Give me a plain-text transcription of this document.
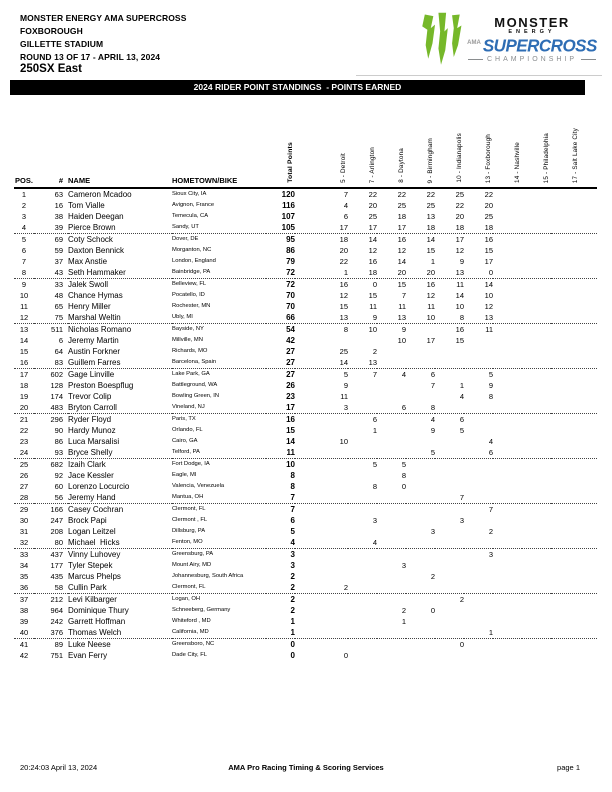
MONSTER ENERGY AMA SUPERCROSS
FOXBOROUGH
GILLETTE STADIUM
ROUND 13 OF 17 - APRIL 13, 2024
250SX East
MONSTER
ENERGY
AMA SUPERCROSS
CHAMPIONSHIP
2024 RIDER POINT STANDINGS  - POINTS EARNED
POS.	#	NAME	HOMETOWN/BIKE	Total Points	5 - Detroit	7 - Arlington	8 - Daytona	9 - Birmingham	10 - Indianapolis	13 - Foxborough	14 - Nashville	15 - Philadelphia	17 - Salt Lake City
1	63	Cameron Mcadoo	Sioux City, IA	120	7	22	22	22	25	22			
2	16	Tom Vialle	Avignon, France	116	4	20	25	25	22	20			
3	38	Haiden Deegan	Temecula, CA	107	6	25	18	13	20	25			
4	39	Pierce Brown	Sandy, UT	105	17	17	17	18	18	18			
5	69	Coty Schock	Dover, DE	95	18	14	16	14	17	16			
6	59	Daxton Bennick	Morganton, NC	86	20	12	12	15	12	15			
7	37	Max Anstie	London, England	79	22	16	14	1	9	17			
8	43	Seth Hammaker	Bainbridge, PA	72	1	18	20	20	13	0			
9	33	Jalek Swoll	Belleview, FL	72	16	0	15	16	11	14			
10	48	Chance Hymas	Pocatello, ID	70	12	15	7	12	14	10			
11	65	Henry Miller	Rochester, MN	70	15	11	11	11	10	12			
12	75	Marshal Weltin	Ubly, MI	66	13	9	13	10	8	13			
13	511	Nicholas Romano	Bayside, NY	54	8	10	9		16	11			
14	6	Jeremy Martin	Millville, MN	42			10	17	15				
15	64	Austin Forkner	Richards, MO	27	25	2							
16	83	Guillem Farres	Barcelona, Spain	27	14	13							
17	602	Gage Linville	Lake Park, GA	27	5	7	4	6		5			
18	128	Preston Boespflug	Battleground, WA	26	9			7	1	9			
19	174	Trevor Colip	Bowling Green, IN	23	11				4	8			
20	483	Bryton Carroll	Vineland, NJ	17	3		6	8					
21	296	Ryder Floyd	Paris, TX	16		6		4	6				
22	90	Hardy Munoz	Orlando, FL	15		1		9	5				
23	86	Luca Marsalisi	Cairo, GA	14	10					4			
24	93	Bryce Shelly	Telford, PA	11				5		6			
25	682	Izaih Clark	Fort Dodge, IA	10		5	5						
26	92	Jace Kessler	Eagle, MI	8			8						
27	60	Lorenzo Locurcio	Valencia, Venezuela	8		8	0						
28	56	Jeremy Hand	Mantua, OH	7					7				
29	166	Casey Cochran	Clermont, FL	7						7			
30	247	Brock Papi	Clermont , FL	6		3			3				
31	208	Logan Leitzel	Dillsburg, PA	5				3		2			
32	80	Michael  Hicks	Fenton, MO	4		4							
33	437	Vinny Luhovey	Greensburg, PA	3						3			
34	177	Tyler Stepek	Mount Airy, MD	3			3						
35	435	Marcus Phelps	Johannesburg, South Africa	2				2					
36	58	Cullin Park	Clermont, FL	2	2								
37	212	Levi Kilbarger	Logan, OH	2					2				
38	964	Dominique Thury	Schneeberg, Germany	2			2	0					
39	242	Garrett Hoffman	Whiteford , MD	1			1						
40	376	Thomas Welch	California, MD	1						1			
41	89	Luke Neese	Greensboro, NC	0					0				
42	751	Evan Ferry	Dade City, FL	0	0								
20:24:03 April 13, 2024	AMA Pro Racing Timing & Scoring Services	page 1
